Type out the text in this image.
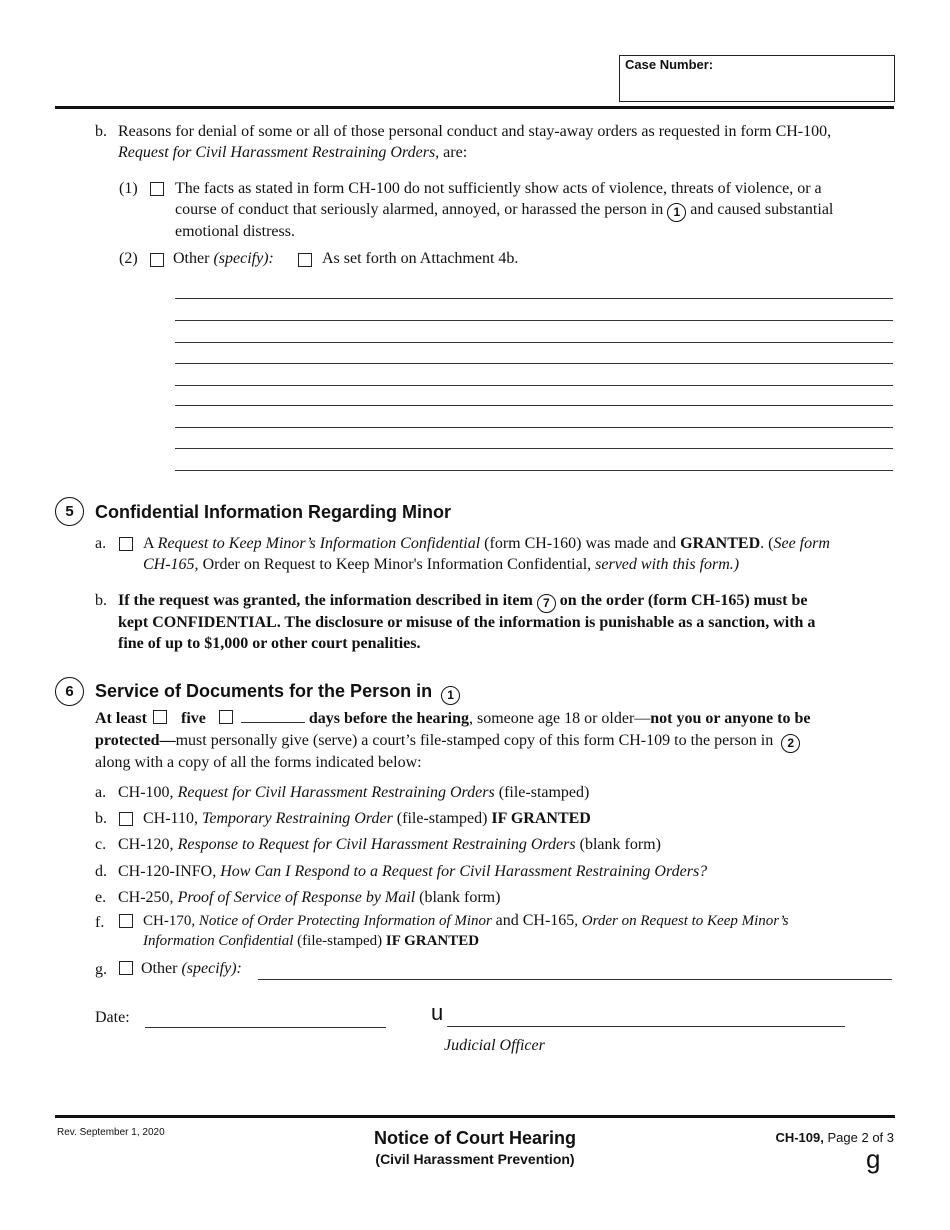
Case Number:
b. Reasons for denial of some or all of those personal conduct and stay-away orders as requested in form CH-100,
Request for Civil Harassment Restraining Orders, are:
(1) The facts as stated in form CH-100 do not sufficiently show acts of violence, threats of violence, or a
course of conduct that seriously alarmed, annoyed, or harassed the person in 1 and caused substantial
emotional distress.
(2) Other (specify):	As set forth on Attachment 4b.
5	Confidential Information Regarding Minor
a. A Request to Keep Minor’s Information Confidential (form CH-160) was made and GRANTED. (See form
CH-165, Order on Request to Keep Minor's Information Confidential, served with this form.)
b. If the request was granted, the information described in item 7 on the order (form CH-165) must be
kept CONFIDENTIAL. The disclosure or misuse of the information is punishable as a sanction, with a
fine of up to $1,000 or other court penalities.
6	Service of Documents for the Person in 1
At least five	days before the hearing, someone age 18 or older—not you or anyone to be
protected—must personally give (serve) a court’s file-stamped copy of this form CH-109 to the person in 2
along with a copy of all the forms indicated below:
a. CH-100, Request for Civil Harassment Restraining Orders (file-stamped)
b. CH-110, Temporary Restraining Order (file-stamped) IF GRANTED
c. CH-120, Response to Request for Civil Harassment Restraining Orders (blank form)
d. CH-120-INFO, How Can I Respond to a Request for Civil Harassment Restraining Orders?
e. CH-250, Proof of Service of Response by Mail (blank form)
f.	CH-170, Notice of Order Protecting Information of Minor and CH-165, Order on Request to Keep Minor’s
Information Confidential (file-stamped) IF GRANTED
g. Other (specify):
Date:	u
Judicial Officer
Rev. September 1, 2020	Notice of Court Hearing
(Civil Harassment Prevention)
CH-109, Page 2 of 3
g
